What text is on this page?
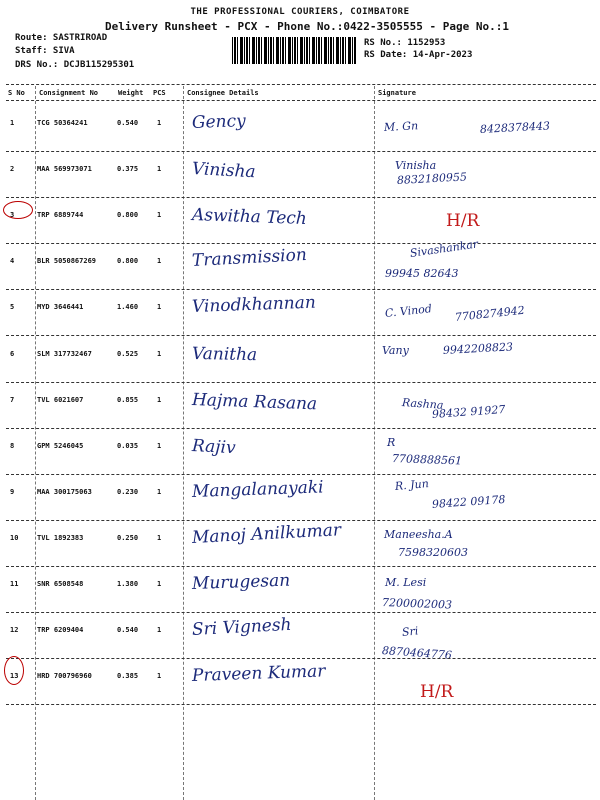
THE PROFESSIONAL COURIERS, COIMBATORE
Delivery Runsheet - PCX - Phone No.:0422-3505555 - Page No.:1
Route: SASTRIROAD
Staff: SIVA
DRS No.: DCJB115295301
RS No.: 1152953
RS Date: 14-Apr-2023
S No Consignment No	Weight PCS	Consignee Details	Signature
1	TCG 50364241	0.540	1 Gency	M. Gn	8428378443
2	MAA 569973071	0.375	1 Vinisha	Vinisha
8832180955
3	TRP 6889744	0.800	1 Aswitha Tech	H/R
4	BLR 5050867269	0.800	1 Transmission	Sivashankar
99945 82643
5	MYD 3646441	1.460	1 Vinodkhannan	C. Vinod 7708274942
6	SLM 317732467	0.525	1 Vanitha	Vany	9942208823
7	TVL 6021607	0.855	1 Hajma Rasana	Rashna
98432 91927
8	GPM 5246045	0.035	1 Rajiv	R
7708888561
9	MAA 300175063	0.230	1 Mangalanayaki	R. Jun
98422 09178
10	TVL 1892383	0.250	1 Manoj Anilkumar	Maneesha.A
7598320603
11	SNR 6508548	1.380	1 Murugesan	M. Lesi
7200002003
12	TRP 6209404	0.540	1 Sri Vignesh	Sri
8870464776
13	HRD 700796960	0.385	1 Praveen Kumar
H/R
